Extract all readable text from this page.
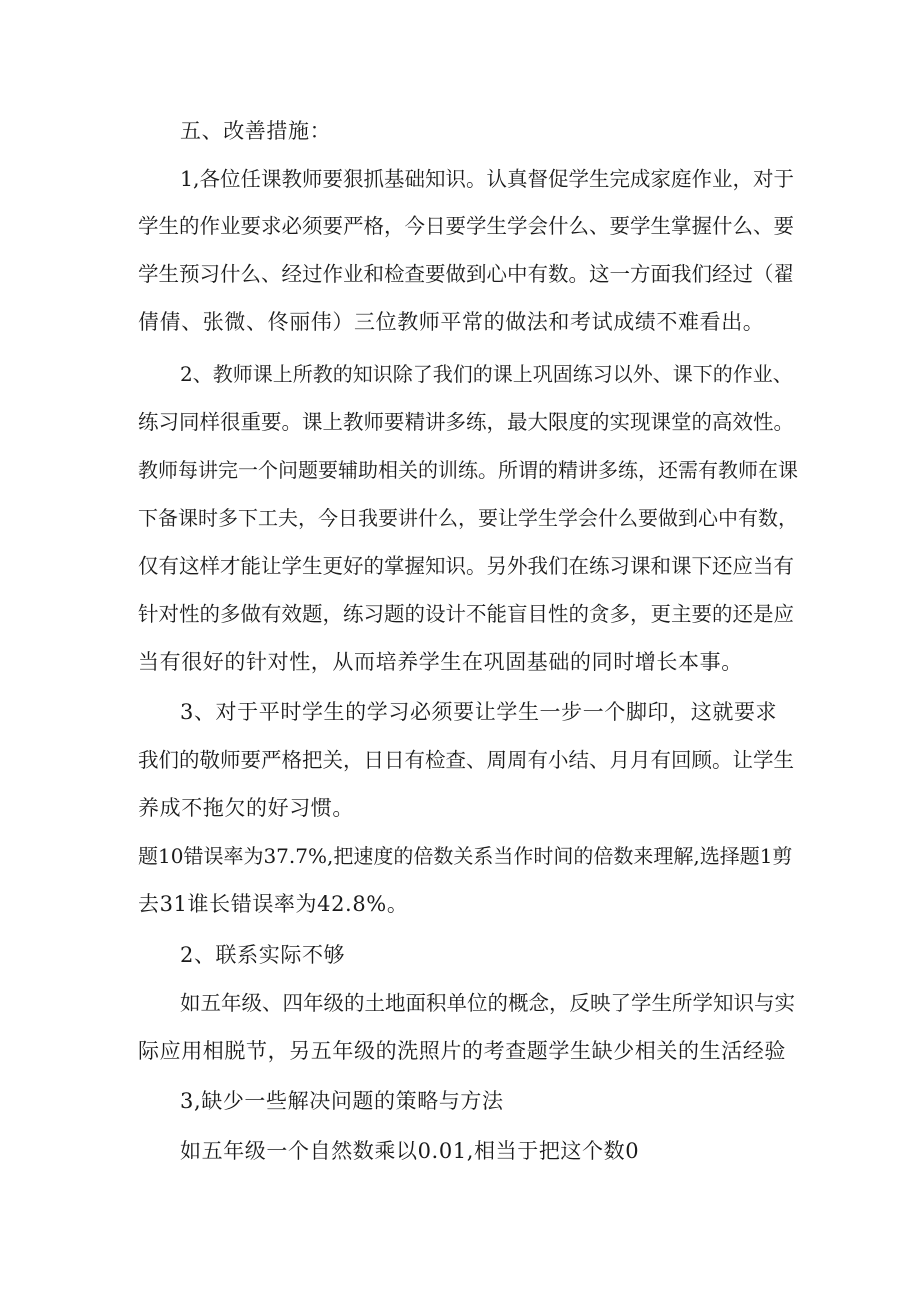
五、改善措施：
1,各位任课教师要狠抓基础知识。认真督促学生完成家庭作业，对于
学生的作业要求必须要严格，今日要学生学会什么、要学生掌握什么、要
学生预习什么、经过作业和检查要做到心中有数。这一方面我们经过（翟
倩倩、张微、佟丽伟）三位教师平常的做法和考试成绩不难看出。
2、教师课上所教的知识除了我们的课上巩固练习以外、课下的作业、
练习同样很重要。课上教师要精讲多练，最大限度的实现课堂的高效性。
教师每讲完一个问题要辅助相关的训练。所谓的精讲多练，还需有教师在课
下备课时多下工夫，今日我要讲什么，要让学生学会什么要做到心中有数，
仅有这样才能让学生更好的掌握知识。另外我们在练习课和课下还应当有
针对性的多做有效题，练习题的设计不能盲目性的贪多，更主要的还是应
当有很好的针对性，从而培养学生在巩固基础的同时增长本事。
3、对于平时学生的学习必须要让学生一步一个脚印，这就要求
我们的敬师要严格把关，日日有检查、周周有小结、月月有回顾。让学生
养成不拖欠的好习惯。
题10错误率为37.7%,把速度的倍数关系当作时间的倍数来理解,选择题1剪
去31谁长错误率为42.8%。
2、联系实际不够
如五年级、四年级的土地面积单位的概念，反映了学生所学知识与实
际应用相脱节，另五年级的洗照片的考查题学生缺少相关的生活经验
3,缺少一些解决问题的策略与方法
如五年级一个自然数乘以0.01,相当于把这个数0
